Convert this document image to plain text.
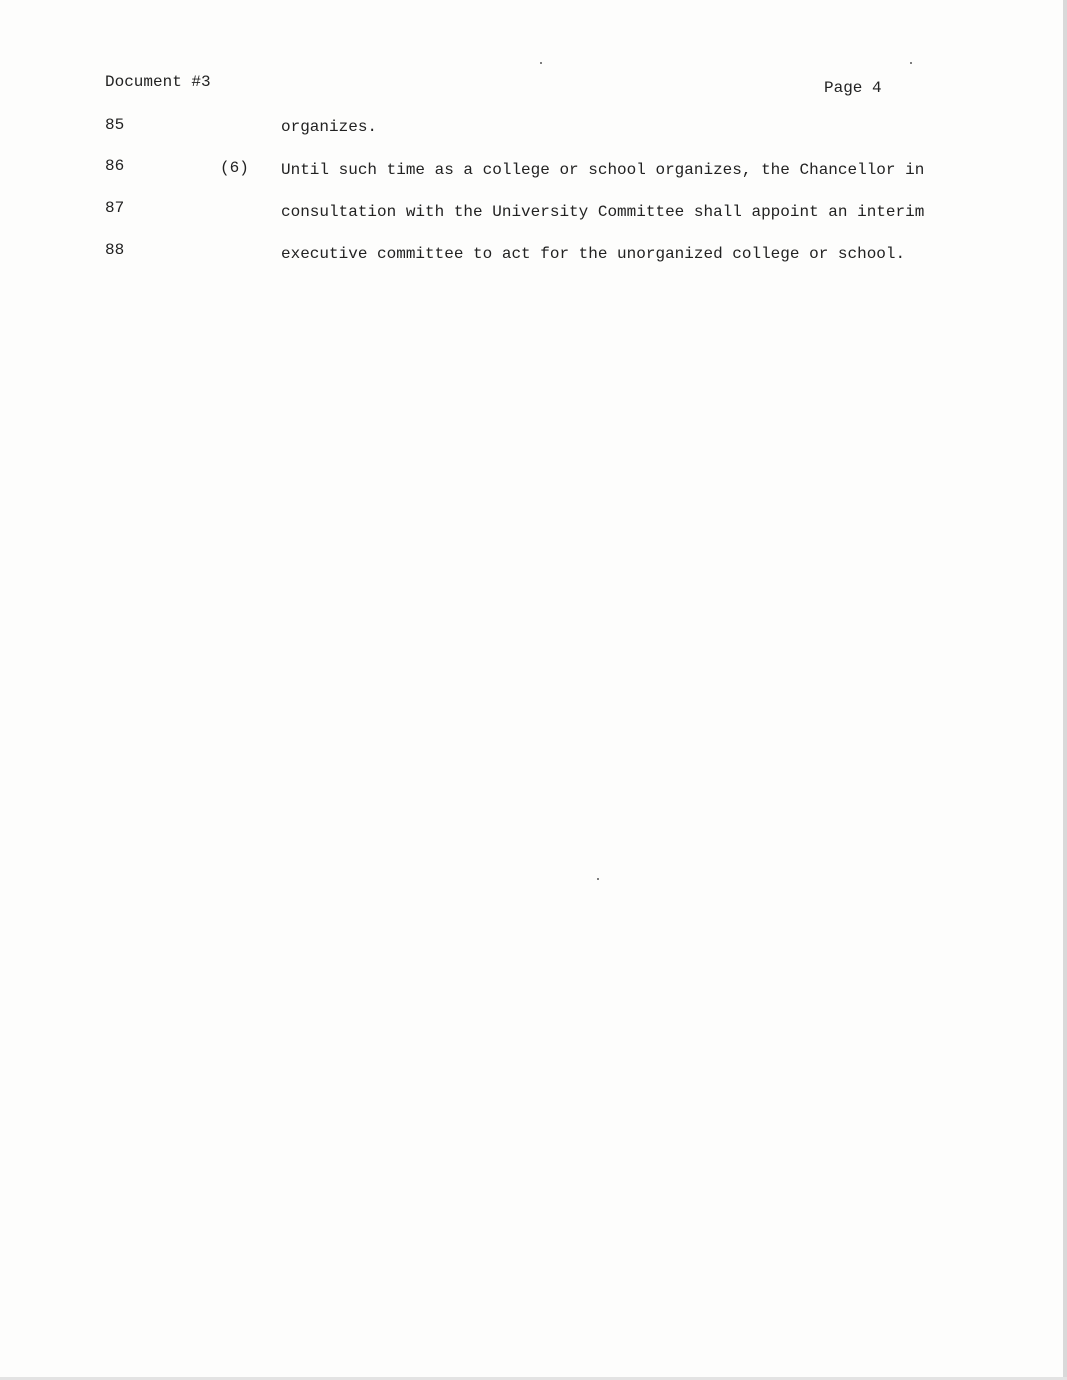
Document #3	Page 4
85	organizes.
86	(6) Until such time as a college or school organizes, the Chancellor in
87	consultation with the University Committee shall appoint an interim
88	executive committee to act for the unorganized college or school.
